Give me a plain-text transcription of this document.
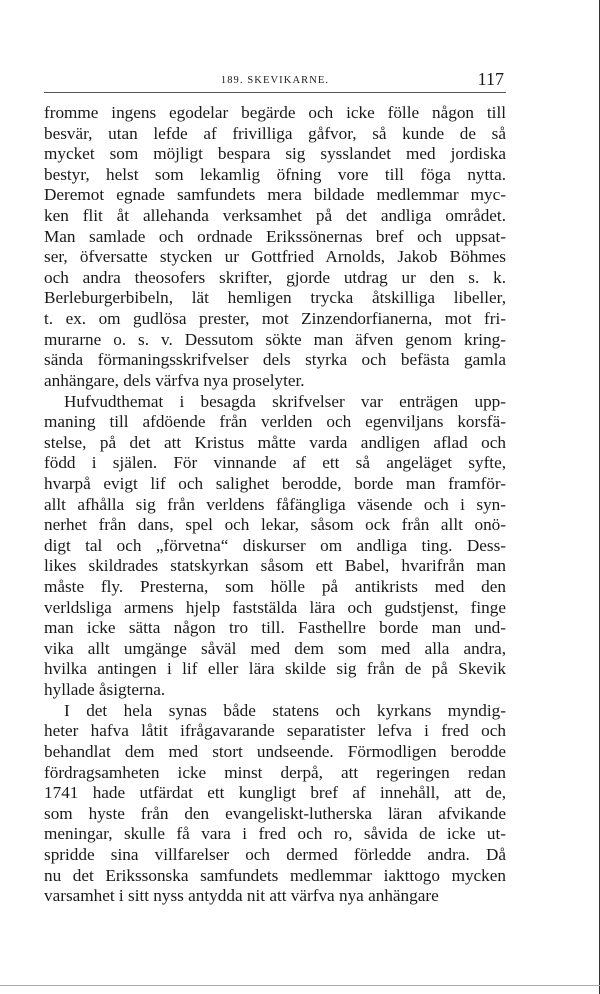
189. SKEVIKARNE.	117
fromme ingens egodelar begärde och icke fölle någon till
besvär, utan lefde af frivilliga gåfvor, så kunde de så
mycket som möjligt bespara sig sysslandet med jordiska
bestyr, helst som lekamlig öfning vore till föga nytta.
Deremot egnade samfundets mera bildade medlemmar myc-
ken flit åt allehanda verksamhet på det andliga området.
Man samlade och ordnade Erikssönernas bref och uppsat-
ser, öfversatte stycken ur Gottfried Arnolds, Jakob Böhmes
och andra theosofers skrifter, gjorde utdrag ur den s. k.
Berleburgerbibeln, lät hemligen trycka åtskilliga libeller,
t. ex. om gudlösa prester, mot Zinzendorfianerna, mot fri-
murarne o. s. v. Dessutom sökte man äfven genom kring-
sända förmaningsskrifvelser dels styrka och befästa gamla
anhängare, dels värfva nya proselyter.
Hufvudthemat i besagda skrifvelser var enträgen upp-
maning till afdöende från verlden och egenviljans korsfä-
stelse, på det att Kristus måtte varda andligen aflad och
född i själen. För vinnande af ett så angeläget syfte,
hvarpå evigt lif och salighet berodde, borde man framför-
allt afhålla sig från verldens fåfängliga väsende och i syn-
nerhet från dans, spel och lekar, såsom ock från allt onö-
digt tal och „förvetna“ diskurser om andliga ting. Dess-
likes skildrades statskyrkan såsom ett Babel, hvarifrån man
måste fly. Presterna, som hölle på antikrists med den
verldsliga armens hjelp faststälda lära och gudstjenst, finge
man icke sätta någon tro till. Fasthellre borde man und-
vika allt umgänge såväl med dem som med alla andra,
hvilka antingen i lif eller lära skilde sig från de på Skevik
hyllade åsigterna.
I det hela synas både statens och kyrkans myndig-
heter hafva låtit ifrågavarande separatister lefva i fred och
behandlat dem med stort undseende. Förmodligen berodde
fördragsamheten icke minst derpå, att regeringen redan
1741 hade utfärdat ett kungligt bref af innehåll, att de,
som hyste från den evangeliskt-lutherska läran afvikande
meningar, skulle få vara i fred och ro, såvida de icke ut-
spridde sina villfarelser och dermed förledde andra. Då
nu det Erikssonska samfundets medlemmar iakttogo mycken
varsamhet i sitt nyss antydda nit att värfva nya anhängare
